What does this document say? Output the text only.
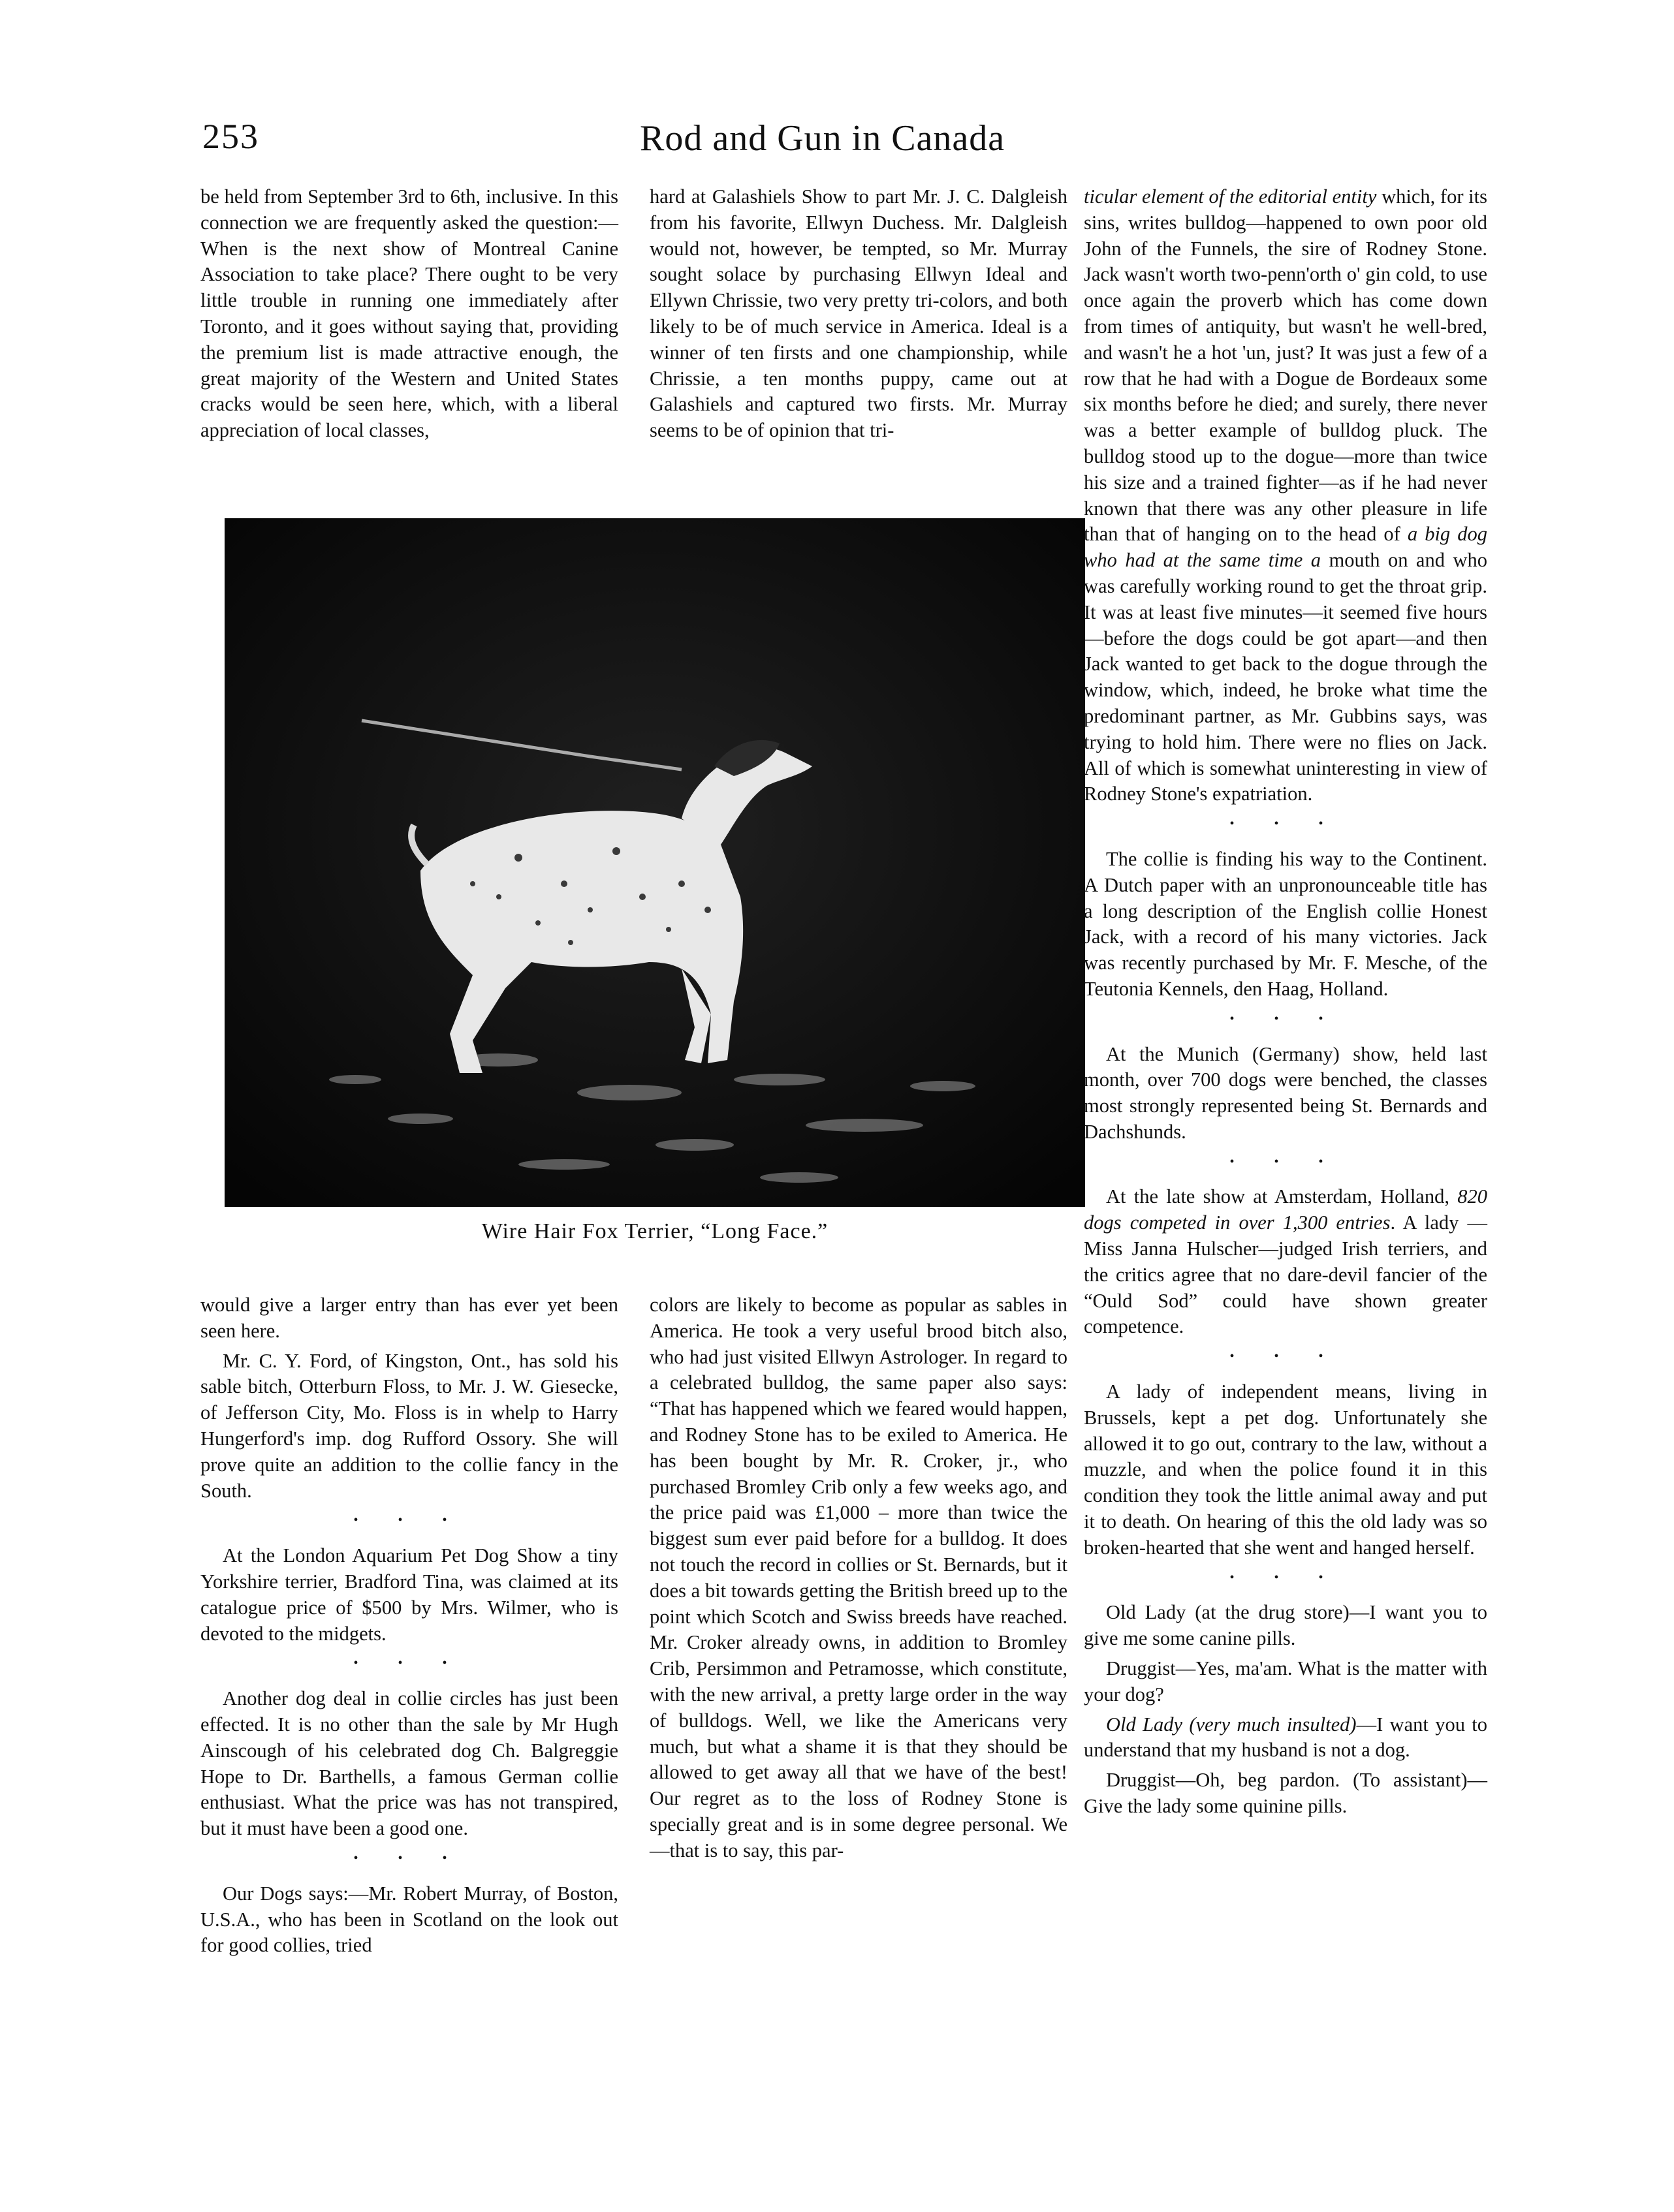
253	Rod and Gun in Canada

be held from September 3rd to 6th, inclusive. In this connection we are frequently asked the question:—When is the next show of Montreal Canine Association to take place? There ought to be very little trouble in running one immediately after Toronto, and it goes without saying that, providing the premium list is made attractive enough, the great majority of the Western and United States cracks would be seen here, which, with a liberal appreciation of local classes,

hard at Galashiels Show to part Mr. J. C. Dalgleish from his favorite, Ellwyn Duchess. Mr. Dalgleish would not, however, be tempted, so Mr. Murray sought solace by purchasing Ellwyn Ideal and Ellywn Chrissie, two very pretty tri-colors, and both likely to be of much service in America. Ideal is a winner of ten firsts and one championship, while Chrissie, a ten months puppy, came out at Galashiels and captured two firsts. Mr. Murray seems to be of opinion that tri-

Wire Hair Fox Terrier, “Long Face.”

would give a larger entry than has ever yet been seen here.

Mr. C. Y. Ford, of Kingston, Ont., has sold his sable bitch, Otterburn Floss, to Mr. J. W. Giesecke, of Jefferson City, Mo. Floss is in whelp to Harry Hungerford's imp. dog Rufford Ossory. She will prove quite an addition to the collie fancy in the South.

• • •

At the London Aquarium Pet Dog Show a tiny Yorkshire terrier, Bradford Tina, was claimed at its catalogue price of $500 by Mrs. Wilmer, who is devoted to the midgets.

• • •

Another dog deal in collie circles has just been effected. It is no other than the sale by Mr Hugh Ainscough of his celebrated dog Ch. Balgreggie Hope to Dr. Barthells, a famous German collie enthusiast. What the price was has not transpired, but it must have been a good one.

• • •

Our Dogs says:—Mr. Robert Murray, of Boston, U.S.A., who has been in Scotland on the look out for good collies, tried

colors are likely to become as popular as sables in America. He took a very useful brood bitch also, who had just visited Ellwyn Astrologer. In regard to a celebrated bulldog, the same paper also says: “That has happened which we feared would happen, and Rodney Stone has to be exiled to America. He has been bought by Mr. R. Croker, jr., who purchased Bromley Crib only a few weeks ago, and the price paid was £1,000 – more than twice the biggest sum ever paid before for a bulldog. It does not touch the record in collies or St. Bernards, but it does a bit towards getting the British breed up to the point which Scotch and Swiss breeds have reached. Mr. Croker already owns, in addition to Bromley Crib, Persimmon and Petramosse, which constitute, with the new arrival, a pretty large order in the way of bulldogs. Well, we like the Americans very much, but what a shame it is that they should be allowed to get away all that we have of the best! Our regret as to the loss of Rodney Stone is specially great and is in some degree personal. We—that is to say, this par-

ticular element of the editorial entity which, for its sins, writes bulldog—happened to own poor old John of the Funnels, the sire of Rodney Stone. Jack wasn't worth two-penn'orth o' gin cold, to use once again the proverb which has come down from times of antiquity, but wasn't he well-bred, and wasn't he a hot 'un, just? It was just a few of a row that he had with a Dogue de Bordeaux some six months before he died; and surely, there never was a better example of bulldog pluck. The bulldog stood up to the dogue—more than twice his size and a trained fighter—as if he had never known that there was any other pleasure in life than that of hanging on to the head of a big dog who had at the same time a mouth on and who was carefully working round to get the throat grip. It was at least five minutes—it seemed five hours—before the dogs could be got apart—and then Jack wanted to get back to the dogue through the window, which, indeed, he broke what time the predominant partner, as Mr. Gubbins says, was trying to hold him. There were no flies on Jack. All of which is somewhat uninteresting in view of Rodney Stone's expatriation.

• • •

The collie is finding his way to the Continent. A Dutch paper with an unpronounceable title has a long description of the English collie Honest Jack, with a record of his many victories. Jack was recently purchased by Mr. F. Mesche, of the Teutonia Kennels, den Haag, Holland.

• • •

At the Munich (Germany) show, held last month, over 700 dogs were benched, the classes most strongly represented being St. Bernards and Dachshunds.

• • •

At the late show at Amsterdam, Holland, 820 dogs competed in over 1,300 entries. A lady — Miss Janna Hulscher—judged Irish terriers, and the critics agree that no dare-devil fancier of the “Ould Sod” could have shown greater competence.

• • •

A lady of independent means, living in Brussels, kept a pet dog. Unfortunately she allowed it to go out, contrary to the law, without a muzzle, and when the police found it in this condition they took the little animal away and put it to death. On hearing of this the old lady was so broken-hearted that she went and hanged herself.

• • •

Old Lady (at the drug store)—I want you to give me some canine pills.

Druggist—Yes, ma'am. What is the matter with your dog?

Old Lady (very much insulted)—I want you to understand that my husband is not a dog.

Druggist—Oh, beg pardon. (To assistant)—Give the lady some quinine pills.
